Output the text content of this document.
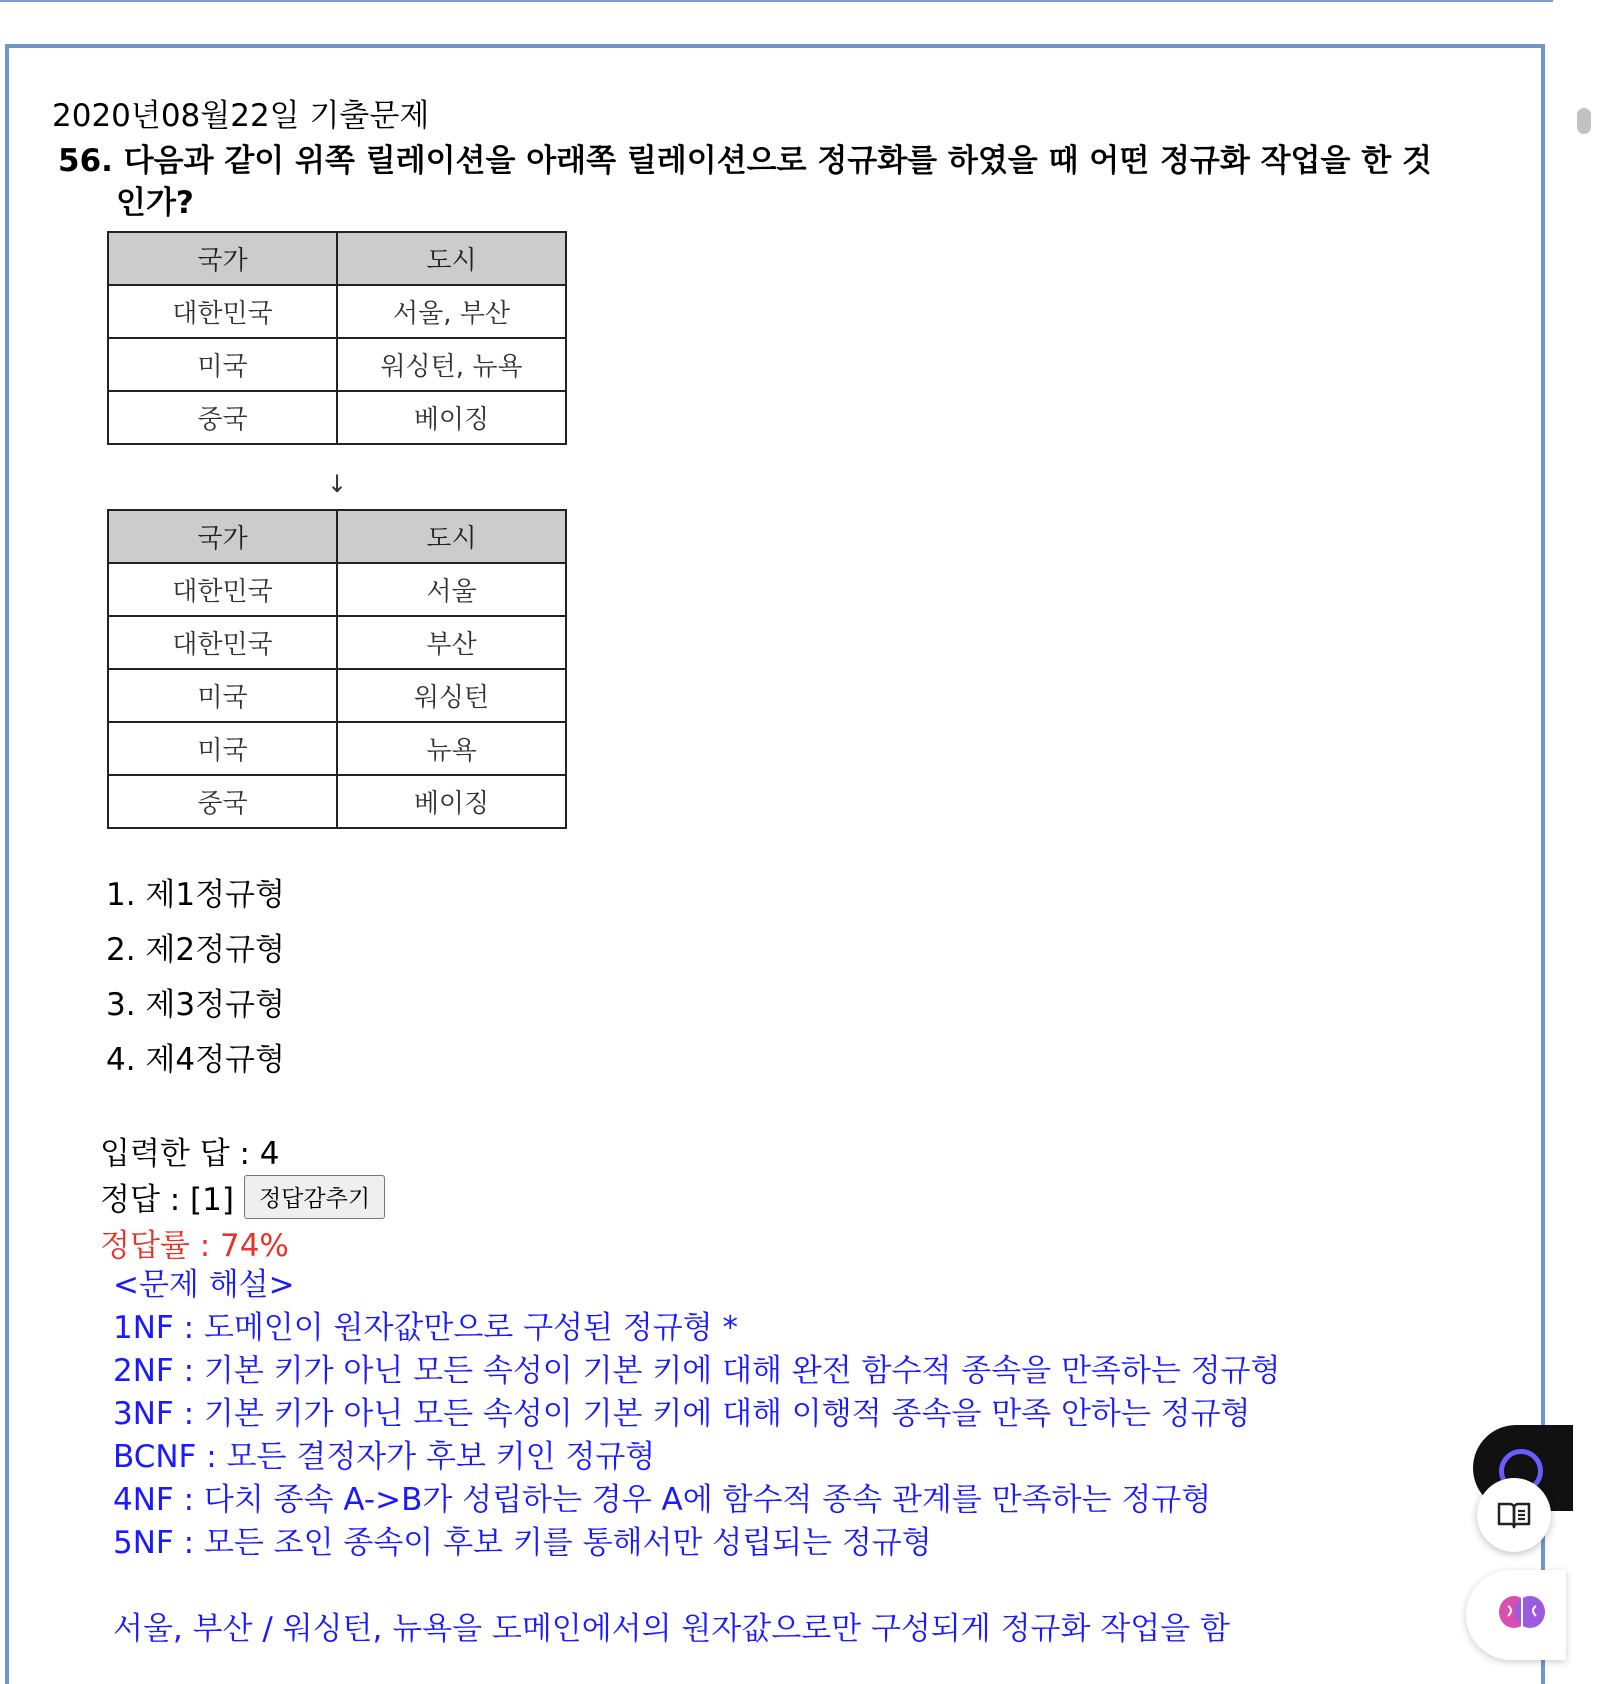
2020년08월22일 기출문제
56. 다음과 같이 위쪽 릴레이션을 아래쪽 릴레이션으로 정규화를 하였을 때 어떤 정규화 작업을 한 것인가?
국가	도시
대한민국	서울, 부산
미국	워싱턴, 뉴욕
중국	베이징
↓
국가	도시
대한민국	서울
대한민국	부산
미국	워싱턴
미국	뉴욕
중국	베이징
1. 제1정규형
2. 제2정규형
3. 제3정규형
4. 제4정규형
입력한 답 : 4
정답 : [1]	정답감추기
정답률 : 74%
<문제 해설>
1NF : 도메인이 원자값만으로 구성된 정규형 *
2NF : 기본 키가 아닌 모든 속성이 기본 키에 대해 완전 함수적 종속을 만족하는 정규형
3NF : 기본 키가 아닌 모든 속성이 기본 키에 대해 이행적 종속을 만족 안하는 정규형
BCNF : 모든 결정자가 후보 키인 정규형
4NF : 다치 종속 A->B가 성립하는 경우 A에 함수적 종속 관계를 만족하는 정규형
5NF : 모든 조인 종속이 후보 키를 통해서만 성립되는 정규형
서울, 부산 / 워싱턴, 뉴욕을 도메인에서의 원자값으로만 구성되게 정규화 작업을 함
